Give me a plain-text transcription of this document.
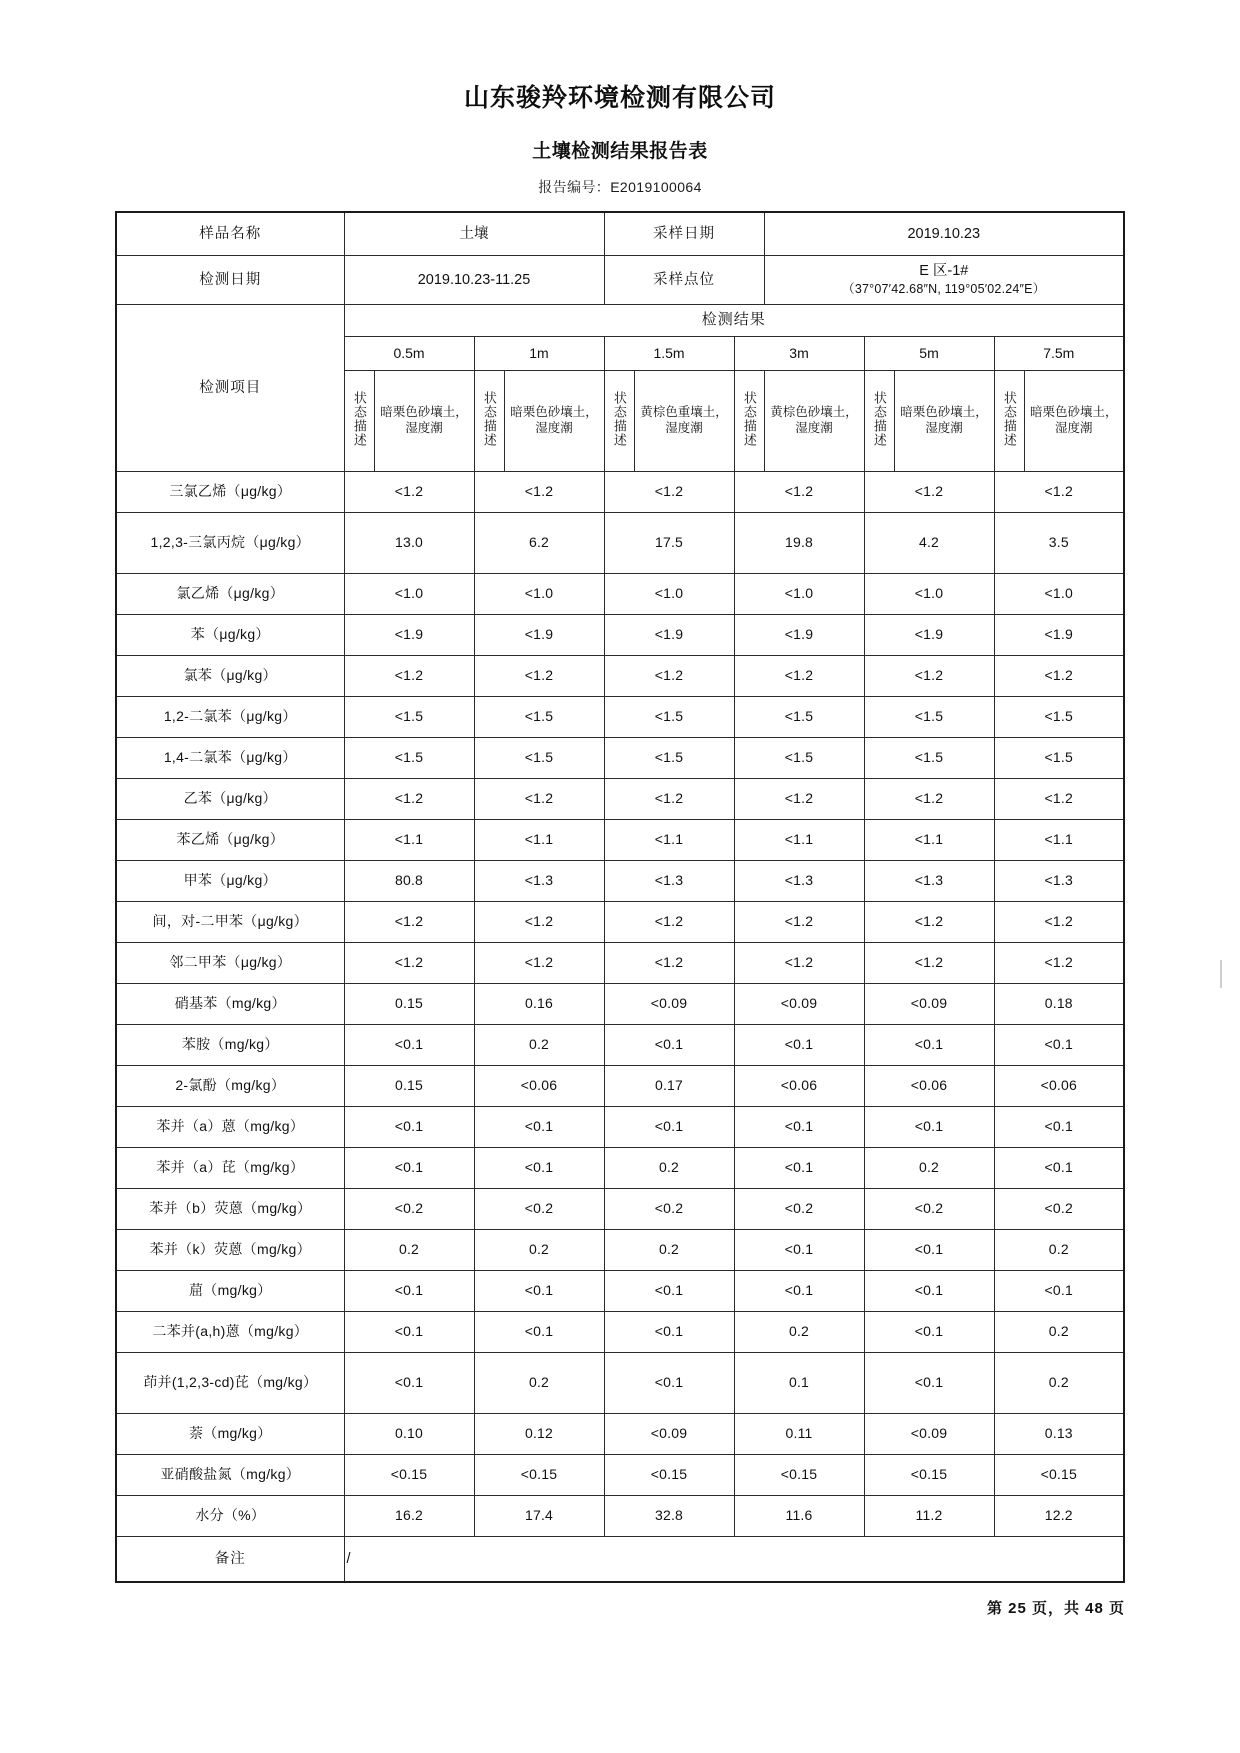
山东骏羚环境检测有限公司
土壤检测结果报告表
报告编号：E2019100064
样品名称	土壤				采样日期			2019.10.23				
检测日期	2019.10.23-11.25				采样点位			E 区-1#
（37°07′42.68″N, 119°05′02.24″E）				

检测项目	检测结果											
	0.5m		1m		1.5m		3m		5m		7.5m	
	状态描述	暗栗色砂壤土，湿度潮	状态描述	暗栗色砂壤土，湿度潮	状态描述	黄棕色重壤土，湿度潮	状态描述	黄棕色砂壤土，湿度潮	状态描述	暗栗色砂壤土，湿度潮	状态描述	暗栗色砂壤土，湿度潮
三氯乙烯（μg/kg）	<1.2		<1.2		<1.2		<1.2		<1.2		<1.2	
1,2,3-三氯丙烷（μg/kg）	13.0		6.2		17.5		19.8		4.2		3.5	
氯乙烯（μg/kg）	<1.0		<1.0		<1.0		<1.0		<1.0		<1.0	
苯（μg/kg）	<1.9		<1.9		<1.9		<1.9		<1.9		<1.9	
氯苯（μg/kg）	<1.2		<1.2		<1.2		<1.2		<1.2		<1.2	
1,2-二氯苯（μg/kg）	<1.5		<1.5		<1.5		<1.5		<1.5		<1.5	
1,4-二氯苯（μg/kg）	<1.5		<1.5		<1.5		<1.5		<1.5		<1.5	
乙苯（μg/kg）	<1.2		<1.2		<1.2		<1.2		<1.2		<1.2	
苯乙烯（μg/kg）	<1.1		<1.1		<1.1		<1.1		<1.1		<1.1	
甲苯（μg/kg）	80.8		<1.3		<1.3		<1.3		<1.3		<1.3	
间，对-二甲苯（μg/kg）	<1.2		<1.2		<1.2		<1.2		<1.2		<1.2	
邻二甲苯（μg/kg）	<1.2		<1.2		<1.2		<1.2		<1.2		<1.2	
硝基苯（mg/kg）	0.15		0.16		<0.09		<0.09		<0.09		0.18	
苯胺（mg/kg）	<0.1		0.2		<0.1		<0.1		<0.1		<0.1	
2-氯酚（mg/kg）	0.15		<0.06		0.17		<0.06		<0.06		<0.06	
苯并（a）蒽（mg/kg）	<0.1		<0.1		<0.1		<0.1		<0.1		<0.1	
苯并（a）芘（mg/kg）	<0.1		<0.1		0.2		<0.1		0.2		<0.1	
苯并（b）荧蒽（mg/kg）	<0.2		<0.2		<0.2		<0.2		<0.2		<0.2	
苯并（k）荧蒽（mg/kg）	0.2		0.2		0.2		<0.1		<0.1		0.2	
䓛（mg/kg）	<0.1		<0.1		<0.1		<0.1		<0.1		<0.1	
二苯并(a,h)蒽（mg/kg）	<0.1		<0.1		<0.1		0.2		<0.1		0.2	
茚并(1,2,3-cd)芘（mg/kg）	<0.1		0.2		<0.1		0.1		<0.1		0.2	
萘（mg/kg）	0.10		0.12		<0.09		0.11		<0.09		0.13	
亚硝酸盐氮（mg/kg）	<0.15		<0.15		<0.15		<0.15		<0.15		<0.15	
水分（%）	16.2		17.4		32.8		11.6		11.2		12.2	
备注	/											
第 25 页，共 48 页
